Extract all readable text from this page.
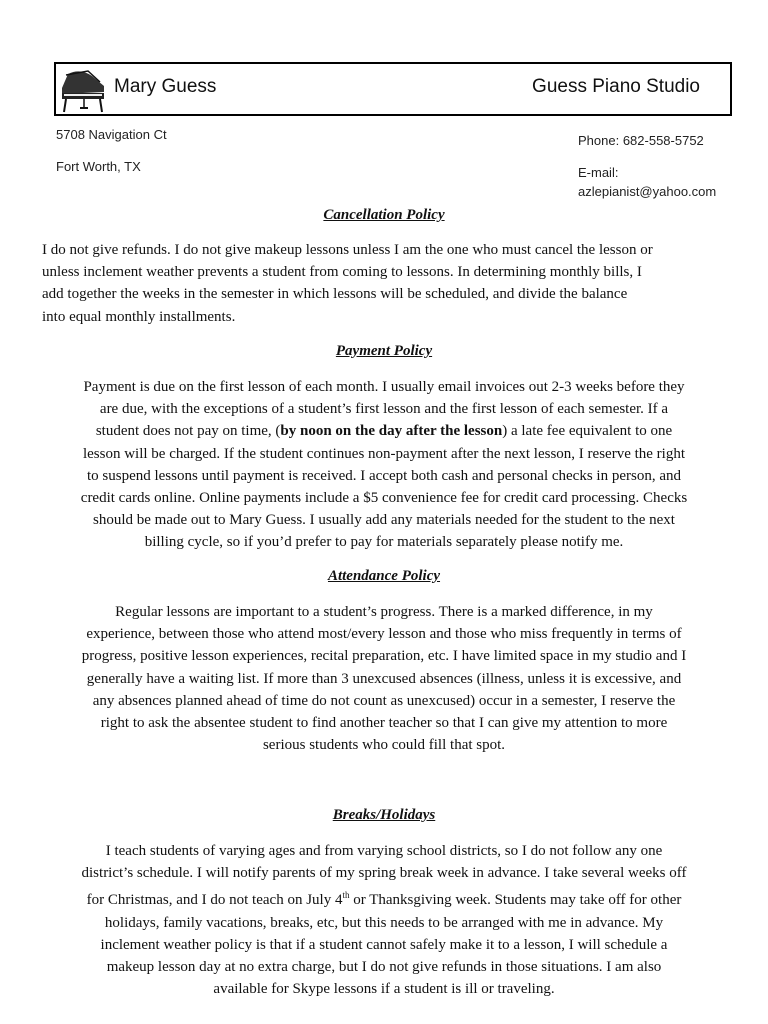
Mary Guess	Guess Piano Studio
5708 Navigation Ct
Fort Worth, TX
Phone: 682-558-5752
E-mail:
azlepianist@yahoo.com
Cancellation Policy
I do not give refunds. I do not give makeup lessons unless I am the one who must cancel the lesson or
unless inclement weather prevents a student from coming to lessons. In determining monthly bills, I
add together the weeks in the semester in which lessons will be scheduled, and divide the balance
into equal monthly installments.
Payment Policy
Payment is due on the first lesson of each month. I usually email invoices out 2-3 weeks before they
are due, with the exceptions of a student’s first lesson and the first lesson of each semester. If a
student does not pay on time, (by noon on the day after the lesson) a late fee equivalent to one
lesson will be charged. If the student continues non-payment after the next lesson, I reserve the right
to suspend lessons until payment is received. I accept both cash and personal checks in person, and
credit cards online. Online payments include a $5 convenience fee for credit card processing. Checks
should be made out to Mary Guess. I usually add any materials needed for the student to the next
billing cycle, so if you’d prefer to pay for materials separately please notify me.
Attendance Policy
Regular lessons are important to a student’s progress. There is a marked difference, in my
experience, between those who attend most/every lesson and those who miss frequently in terms of
progress, positive lesson experiences, recital preparation, etc. I have limited space in my studio and I
generally have a waiting list. If more than 3 unexcused absences (illness, unless it is excessive, and
any absences planned ahead of time do not count as unexcused) occur in a semester, I reserve the
right to ask the absentee student to find another teacher so that I can give my attention to more
serious students who could fill that spot.
Breaks/Holidays
I teach students of varying ages and from varying school districts, so I do not follow any one
district’s schedule. I will notify parents of my spring break week in advance. I take several weeks off
for Christmas, and I do not teach on July 4th or Thanksgiving week. Students may take off for other
holidays, family vacations, breaks, etc, but this needs to be arranged with me in advance. My
inclement weather policy is that if a student cannot safely make it to a lesson, I will schedule a
makeup lesson day at no extra charge, but I do not give refunds in those situations. I am also
available for Skype lessons if a student is ill or traveling.
